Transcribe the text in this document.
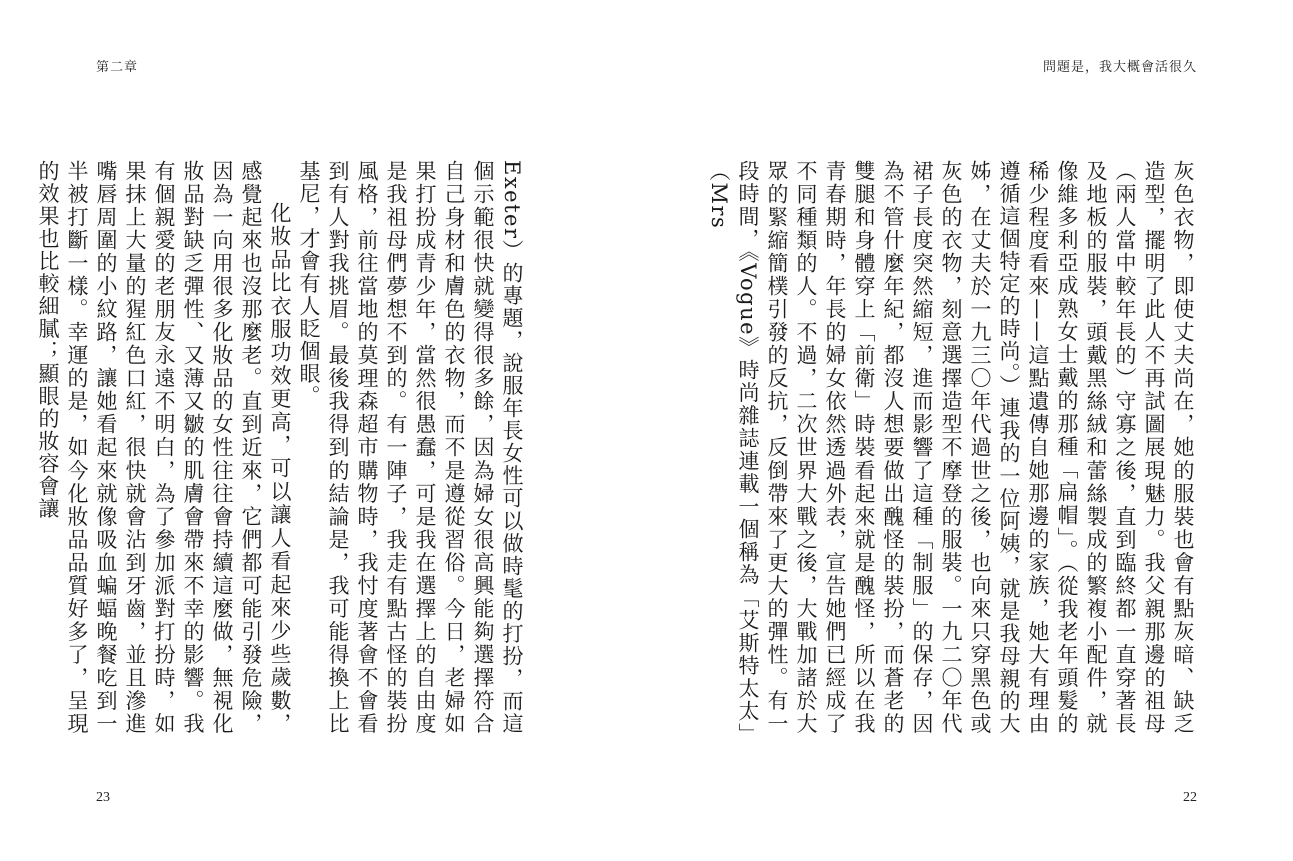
第二章	問題是，我大概會活很久

灰色衣物，即使丈夫尚在，她的服裝也會有點灰暗、缺乏造型，擺明了此人不再試圖展現魅力。我父親那邊的祖母（兩人當中較年長的）守寡之後，直到臨終都一直穿著長及地板的服裝，頭戴黑絲絨和蕾絲製成的繁複小配件，就像維多利亞成熟女士戴的那種「扁帽」。（從我老年頭髮的稀少程度看來——這點遺傳自她那邊的家族，她大有理由遵循這個特定的時尚。）連我的一位阿姨，就是我母親的大姊，在丈夫於一九三〇年代過世之後，也向來只穿黑色或灰色的衣物，刻意選擇造型不摩登的服裝。一九二〇年代裙子長度突然縮短，進而影響了這種「制服」的保存，因為不管什麼年紀，都沒人想要做出醜怪的裝扮，而蒼老的雙腿和身體穿上「前衛」時裝看起來就是醜怪，所以在我青春期時，年長的婦女依然透過外表，宣告她們已經成了不同種類的人。不過，二次世界大戰之後，大戰加諸於大眾的緊縮簡樸引發的反抗，反倒帶來了更大的彈性。有一段時間，《Vogue》時尚雜誌連載一個稱為「艾斯特太太」（Mrs

Exeter）的專題，說服年長女性可以做時髦的打扮，而這個示範很快就變得很多餘，因為婦女很高興能夠選擇符合自己身材和膚色的衣物，而不是遵從習俗。今日，老婦如果打扮成青少年，當然很愚蠢，可是我在選擇上的自由度是我祖母們夢想不到的。有一陣子，我走有點古怪的裝扮風格，前往當地的莫理森超市購物時，我忖度著會不會看到有人對我挑眉。最後我得到的結論是，我可能得換上比基尼，才會有人眨個眼。

化妝品比衣服功效更高，可以讓人看起來少些歲數，感覺起來也沒那麼老。直到近來，它們都可能引發危險，因為一向用很多化妝品的女性往往會持續這麼做，無視化妝品對缺乏彈性、又薄又皺的肌膚會帶來不幸的影響。我有個親愛的老朋友永遠不明白，為了參加派對打扮時，如果抹上大量的猩紅色口紅，很快就會沾到牙齒，並且滲進嘴唇周圍的小紋路，讓她看起來就像吸血蝙蝠晚餐吃到一半被打斷一樣。幸運的是，如今化妝品品質好多了，呈現的效果也比較細膩；顯眼的妝容會讓

23	22
